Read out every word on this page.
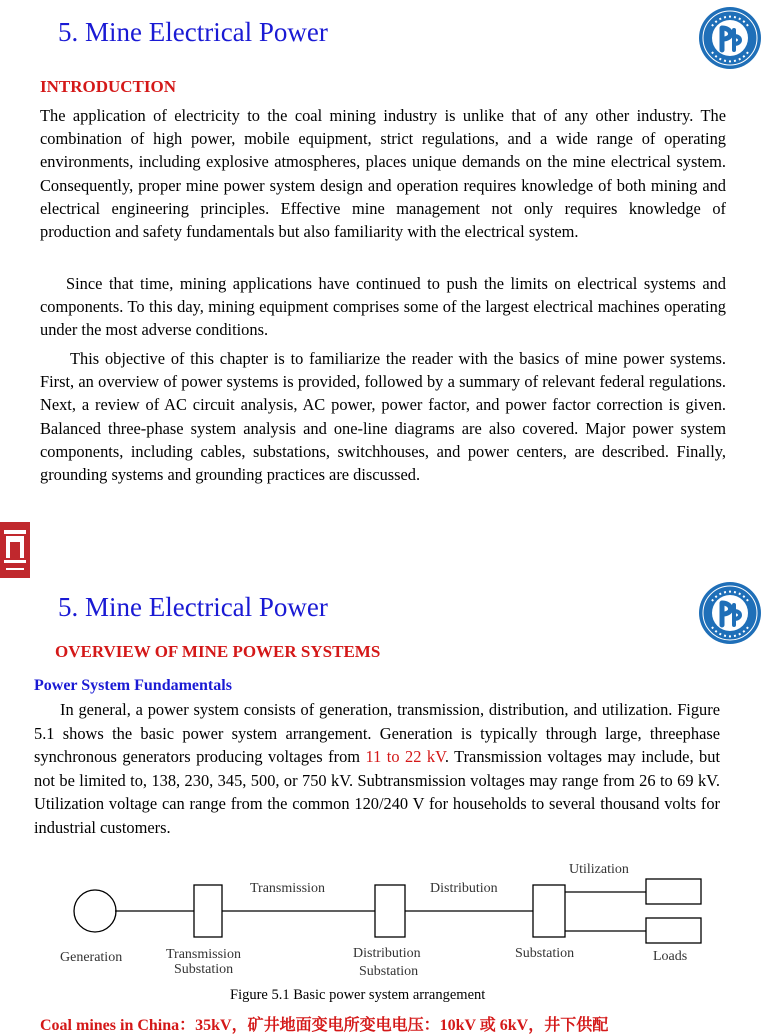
5. Mine Electrical Power
INTRODUCTION

The application of electricity to the coal mining industry is unlike that of any other industry. The combination of high power, mobile equipment, strict regulations, and a wide range of operating environments, including explosive atmospheres, places unique demands on the mine electrical system. Consequently, proper mine power system design and operation requires knowledge of both mining and electrical engineering principles. Effective mine management not only requires knowledge of production and safety fundamentals but also familiarity with the electrical system.

Since that time, mining applications have continued to push the limits on electrical systems and components. To this day, mining equipment comprises some of the largest electrical machines operating under the most adverse conditions.

This objective of this chapter is to familiarize the reader with the basics of mine power systems. First, an overview of power systems is provided, followed by a summary of relevant federal regulations. Next, a review of AC circuit analysis, AC power, power factor, and power factor correction is given. Balanced three-phase system analysis and one-line diagrams are also covered. Major power system components, including cables, substations, switchhouses, and power centers, are described. Finally, grounding systems and grounding practices are discussed.

5. Mine Electrical Power
OVERVIEW OF MINE POWER SYSTEMS
Power System Fundamentals

In general, a power system consists of generation, transmission, distribution, and utilization. Figure 5.1 shows the basic power system arrangement. Generation is typically through large, threephase synchronous generators producing voltages from 11 to 22 kV. Transmission voltages may include, but not be limited to, 138, 230, 345, 500, or 750 kV. Subtransmission voltages may range from 26 to 69 kV. Utilization voltage can range from the common 120/240 V for households to several thousand volts for industrial customers.

Generation	Transmission
Substation
Transmission
Distribution
Substation
Distribution
Utilization
Substation	Loads
Figure 5.1 Basic power system arrangement

Coal mines in China：35kV，矿井地面变电所变电电压：10kV 或 6kV，井下供配
